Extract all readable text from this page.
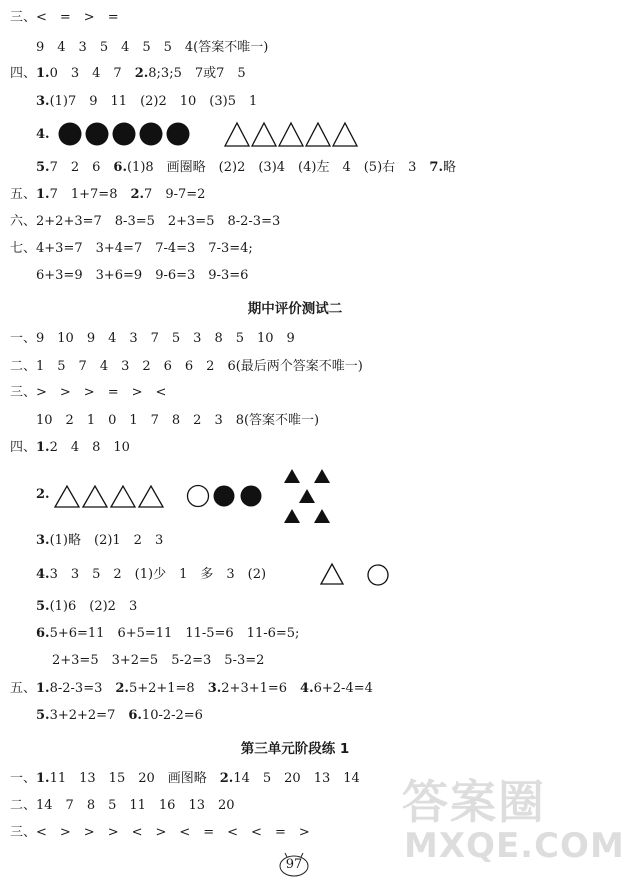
三、<　=　>　=
9　4　3　5　4　5　5　4(答案不唯一)
四、1.0　3　4　7　2.8;3;5　7或7　5
3.(1)7　9　11　(2)2　10　(3)5　1
4.
5.7　2　6　6.(1)8　画圈略　(2)2　(3)4　(4)左　4　(5)右　3　7.略
五、1.7　1+7=8　2.7　9-7=2
六、2+2+3=7　8-3=5　2+3=5　8-2-3=3
七、4+3=7　3+4=7　7-4=3　7-3=4;
6+3=9　3+6=9　9-6=3　9-3=6
期中评价测试二
一、9　10　9　4　3　7　5　3　8　5　10　9
二、1　5　7　4　3　2　6　6　2　6(最后两个答案不唯一)
三、>　>　>　=　>　<
10　2　1　0　1　7　8　2　3　8(答案不唯一)
四、1.2　4　8　10
2.
3.(1)略　(2)1　2　3
4.3　3　5　2　(1)少　1　多　3　(2)
5.(1)6　(2)2　3
6.5+6=11　6+5=11　11-5=6　11-6=5;
2+3=5　3+2=5　5-2=3　5-3=2
五、1.8-2-3=3　2.5+2+1=8　3.2+3+1=6　4.6+2-4=4
5.3+2+2=7　6.10-2-2=6
第三单元阶段练 1
一、1.11　13　15　20　画图略　2.14　5　20　13　14
二、14　7　8　5　11　16　13　20
三、<　>　>　>　<　>　<　=　<　<　=　>
97
答案圈
MXQE.COM
